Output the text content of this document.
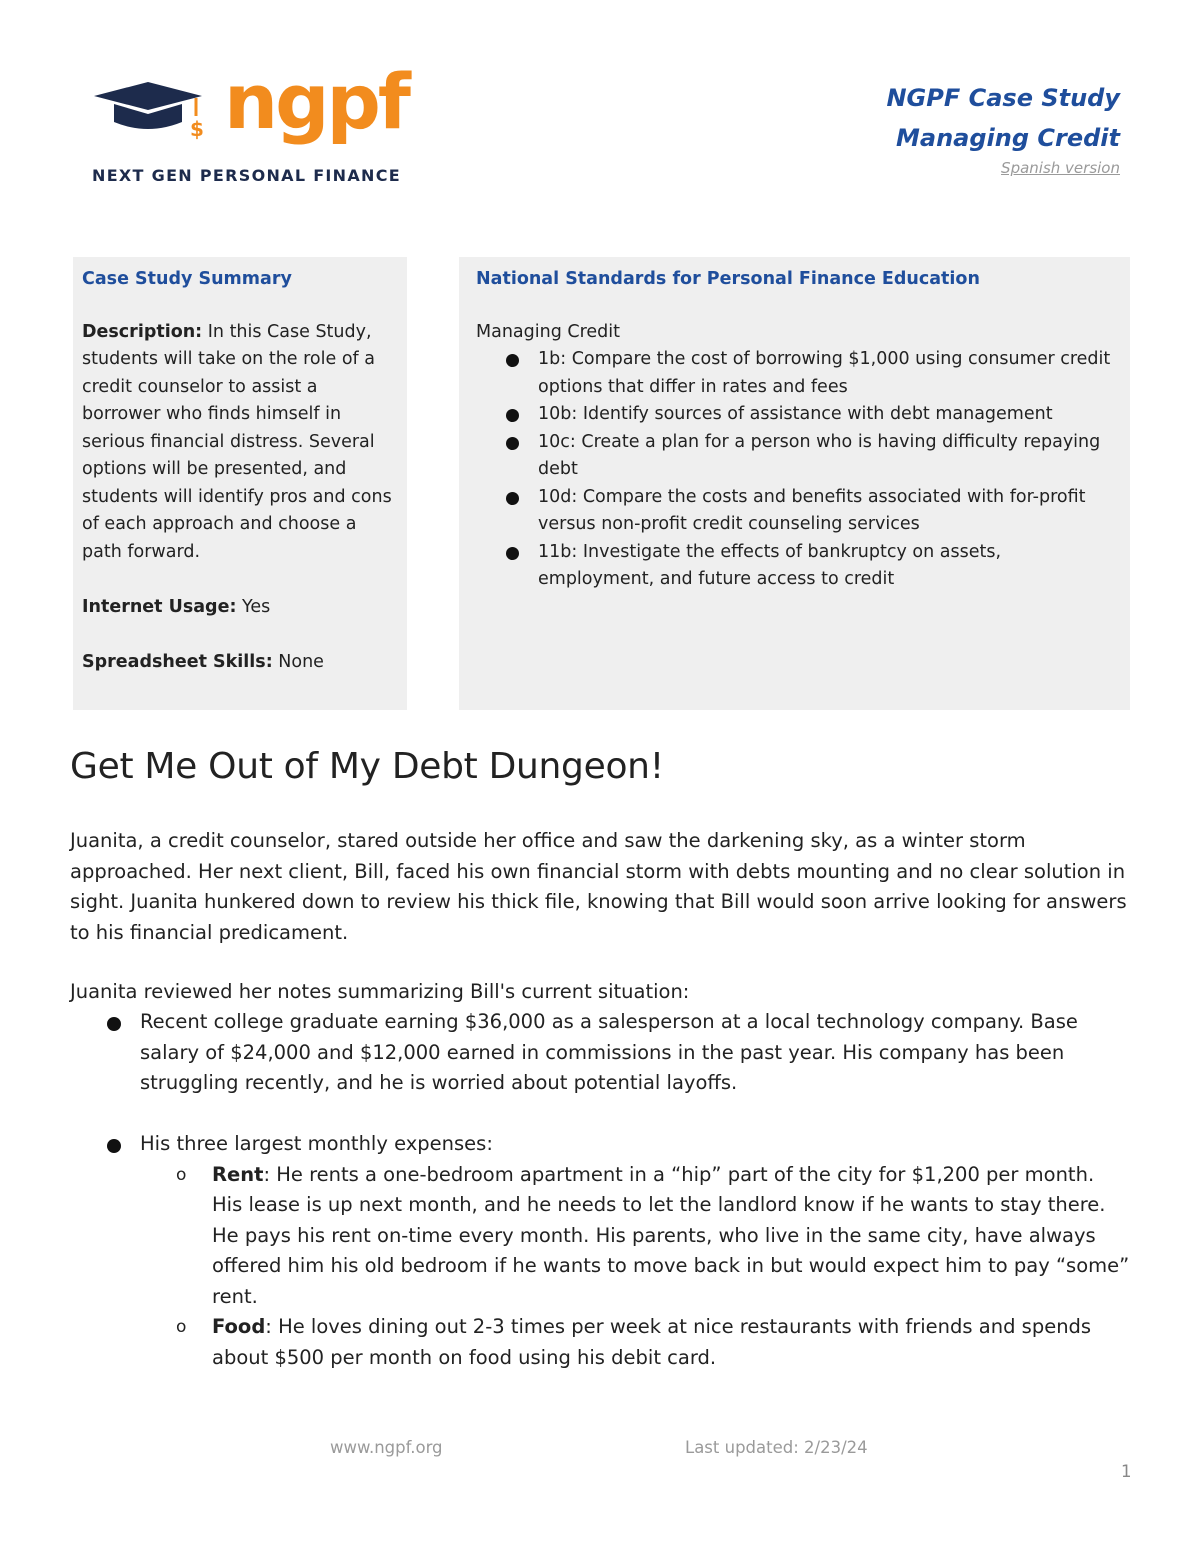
$ ngpf
NEXT GEN PERSONAL FINANCE
NGPF Case Study
Managing Credit
Spanish version
Case Study Summary
Description: In this Case Study, students will take on the role of a credit counselor to assist a borrower who finds himself in serious financial distress. Several options will be presented, and students will identify pros and cons of each approach and choose a path forward.
Internet Usage: Yes
Spreadsheet Skills: None
National Standards for Personal Finance Education
Managing Credit
1b: Compare the cost of borrowing $1,000 using consumer credit options that differ in rates and fees
10b: Identify sources of assistance with debt management
10c: Create a plan for a person who is having difficulty repaying debt
10d: Compare the costs and benefits associated with for-profit versus non-profit credit counseling services
11b: Investigate the effects of bankruptcy on assets, employment, and future access to credit
Get Me Out of My Debt Dungeon!
Juanita, a credit counselor, stared outside her office and saw the darkening sky, as a winter storm approached. Her next client, Bill, faced his own financial storm with debts mounting and no clear solution in sight. Juanita hunkered down to review his thick file, knowing that Bill would soon arrive looking for answers to his financial predicament.
Juanita reviewed her notes summarizing Bill's current situation:
Recent college graduate earning $36,000 as a salesperson at a local technology company. Base salary of $24,000 and $12,000 earned in commissions in the past year. His company has been struggling recently, and he is worried about potential layoffs.
His three largest monthly expenses:
o Rent: He rents a one-bedroom apartment in a “hip” part of the city for $1,200 per month. His lease is up next month, and he needs to let the landlord know if he wants to stay there. He pays his rent on-time every month. His parents, who live in the same city, have always offered him his old bedroom if he wants to move back in but would expect him to pay “some” rent.
o Food: He loves dining out 2-3 times per week at nice restaurants with friends and spends about $500 per month on food using his debit card.
www.ngpf.org	Last updated: 2/23/24
1
